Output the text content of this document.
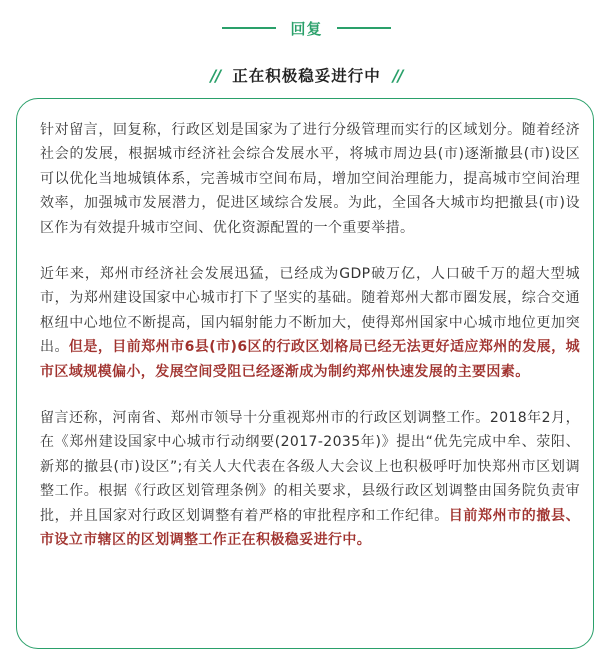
回复
// 正在积极稳妥进行中 //

针对留言，回复称，行政区划是国家为了进行分级管理而实行的区域划分。随着经济社会的发展，根据城市经济社会综合发展水平，将城市周边县(市)逐渐撤县(市)设区可以优化当地城镇体系，完善城市空间布局，增加空间治理能力，提高城市空间治理效率，加强城市发展潜力，促进区域综合发展。为此，全国各大城市均把撤县(市)设区作为有效提升城市空间、优化资源配置的一个重要举措。

近年来，郑州市经济社会发展迅猛，已经成为GDP破万亿，人口破千万的超大型城市，为郑州建设国家中心城市打下了坚实的基础。随着郑州大都市圈发展，综合交通枢纽中心地位不断提高，国内辐射能力不断加大，使得郑州国家中心城市地位更加突出。但是，目前郑州市6县(市)6区的行政区划格局已经无法更好适应郑州的发展，城市区域规模偏小，发展空间受阻已经逐渐成为制约郑州快速发展的主要因素。

留言还称，河南省、郑州市领导十分重视郑州市的行政区划调整工作。2018年2月，在《郑州建设国家中心城市行动纲要(2017-2035年)》提出“优先完成中牟、荥阳、新郑的撤县(市)设区”;有关人大代表在各级人大会议上也积极呼吁加快郑州市区划调整工作。根据《行政区划管理条例》的相关要求，县级行政区划调整由国务院负责审批，并且国家对行政区划调整有着严格的审批程序和工作纪律。目前郑州市的撤县、市设立市辖区的区划调整工作正在积极稳妥进行中。
